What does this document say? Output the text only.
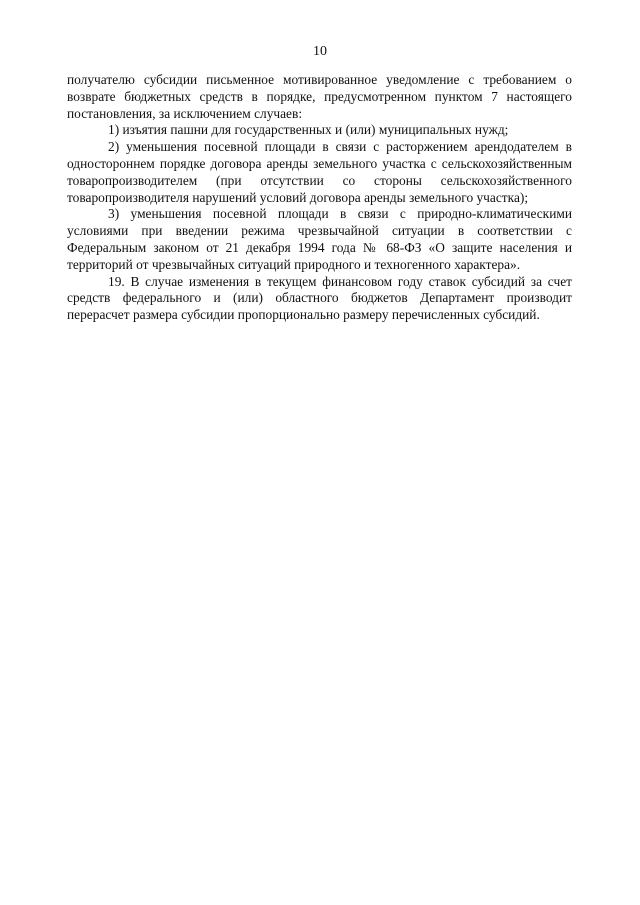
10

получателю субсидии письменное мотивированное уведомление с требованием о возврате бюджетных средств в порядке, предусмотренном пунктом 7 настоящего постановления, за исключением случаев:

1) изъятия пашни для государственных и (или) муниципальных нужд;

2) уменьшения посевной площади в связи с расторжением арендодателем в одностороннем порядке договора аренды земельного участка с сельскохозяйственным товаропроизводителем (при отсутствии со стороны сельскохозяйственного товаропроизводителя нарушений условий договора аренды земельного участка);

3) уменьшения посевной площади в связи с природно-климатическими условиями при введении режима чрезвычайной ситуации в соответствии с Федеральным законом от 21 декабря 1994 года № 68-ФЗ «О защите населения и территорий от чрезвычайных ситуаций природного и техногенного характера».

19. В случае изменения в текущем финансовом году ставок субсидий за счет средств федерального и (или) областного бюджетов Департамент производит перерасчет размера субсидии пропорционально размеру перечисленных субсидий.
